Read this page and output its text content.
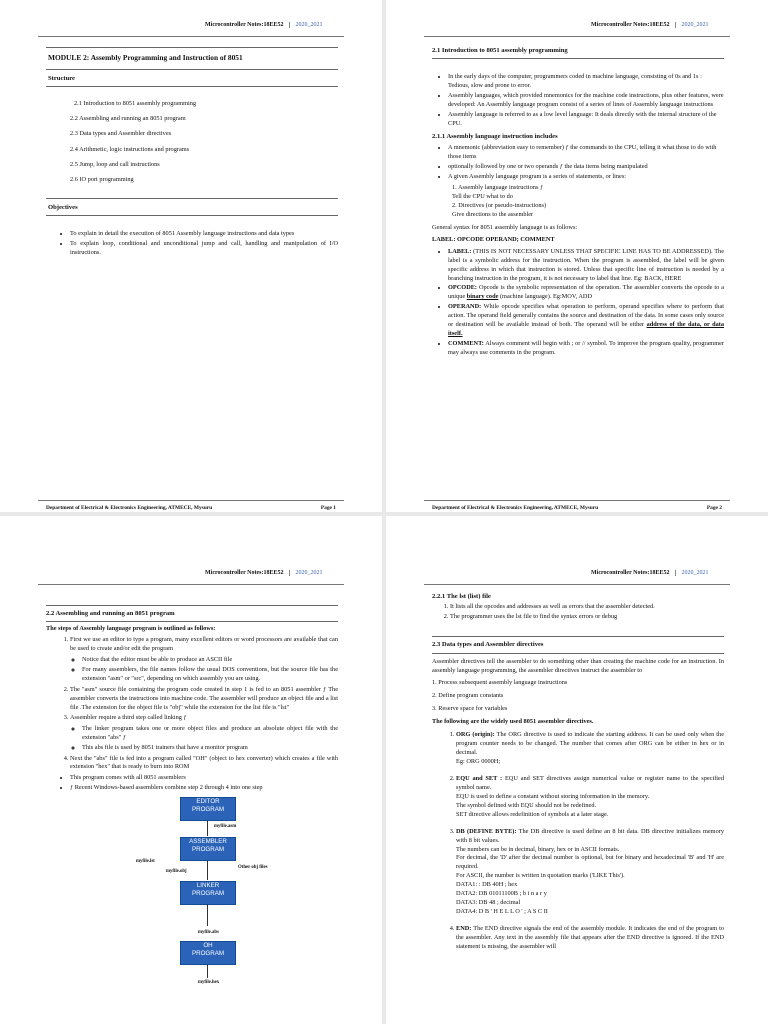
Microcontroller Notes:18EE52 2020_2021
MODULE 2: Assembly Programming and Instruction of 8051
Structure
2.1 Introduction to 8051 assembly programming
2.2 Assembling and running an 8051 program
2.3 Data types and Assembler directives
2.4 Arithmetic, logic instructions and programs
2.5 Jump, loop and call instructions
2.6 IO port programming
Objectives
• To explain in detail the execution of 8051 Assembly language instructions and data types
• To explain loop, conditional and unconditional jump and call, handling and manipulation of I/O instructions.
Department of Electrical & Electronics Engineering, ATMECE, Mysuru	Page 1
Microcontroller Notes:18EE52 2020_2021
2.1 Introduction to 8051 assembly programming
• In the early days of the computer, programmers coded in machine language, consisting of 0s and 1s : Tedious, slow and prone to error.
• Assembly languages, which provided mnemonics for the machine code instructions, plus other features, were developed: An Assembly language program consist of a series of lines of Assembly language instructions
• Assembly language is referred to as a low level language: It deals directly with the internal structure of the CPU.
2.1.1 Assembly language instruction includes
• A mnemonic (abbreviation easy to remember) ƒ the commands to the CPU, telling it what those to do with those items
• optionally followed by one or two operands ƒ the data items being manipulated
• A given Assembly language program is a series of statements, or lines:
1. Assembly language instructions ƒ
Tell the CPU what to do
2. Directives (or pseudo-instructions)
Give directions to the assembler
General syntax for 8051 assembly language is as follows:
LABEL: OPCODE OPERAND; COMMENT
• LABEL: (THIS IS NOT NECESSARY UNLESS THAT SPECIFIC LINE HAS TO BE ADDRESSED). The label is a symbolic address for the instruction. When the program is assembled, the label will be given specific address in which that instruction is stored. Unless that specific line of instruction is needed by a branching instruction in the program, it is not necessary to label that line. Eg: BACK, HERE
• OPCODE: Opcode is the symbolic representation of the operation. The assembler converts the opcode to a unique binary code (machine language). Eg:MOV, ADD
• OPERAND: While opcode specifies what operation to perform, operand specifies where to perform that action. The operand field generally contains the source and destination of the data. In some cases only source or destination will be available instead of both. The operand will be either address of the data, or data itself.
• COMMENT: Always comment will begin with ; or // symbol. To improve the program quality, programmer may always use comments in the program.
Department of Electrical & Electronics Engineering, ATMECE, Mysuru	Page 2
Microcontroller Notes:18EE52 2020_2021
2.2 Assembling and running an 8051 program
The steps of Assembly language program is outlined as follows:
1. First we use an editor to type a program, many excellent editors or word processors are available that can be used to create and/or edit the program
◦ Notice that the editor must be able to produce an ASCII file
◦ For many assemblers, the file names follow the usual DOS conventions, but the source file has the extension "asm" or "src", depending on which assembly you are using.
2. The "asm" source file containing the program code created in step 1 is fed to an 8051 assembler ƒ The assembler converts the instructions into machine code. The assembler will produce an object file and a list file .The extension for the object file is "obj" while the extension for the list file is "lst"
3. Assembler require a third step called linking ƒ
◦ The linker program takes one or more object files and produce an absolute object file with the extension "abs" ƒ
◦ This abs file is used by 8051 trainers that have a monitor program
4. Next the "abs" file is fed into a program called "OH" (object to hex converter) which creates a file with extension "hex" that is ready to burn into ROM
• This program comes with all 8051 assemblers
• ƒ Recent Windows-based assemblers combine step 2 through 4 into one step
EDITOR
PROGRAM
myfile.asm
ASSEMBLER
PROGRAM
myfile.lst
myfile.obj
Other obj files
LINKER
PROGRAM
myfile.abs
OH
PROGRAM
myfile.hex
Microcontroller Notes:18EE52 2020_2021
2.2.1 The lst (list) file
1. It lists all the opcodes and addresses as well as errors that the assembler detected.
2. The programmer uses the lst file to find the syntax errors or debug
2.3 Data types and Assembler directives
Assembler directives tell the assembler to do something other than creating the machine code for an instruction. In assembly language programming, the assembler directives instruct the assembler to
1. Process subsequent assembly language instructions
2. Define program constants
3. Reserve space for variables
The following are the widely used 8051 assembler directives.
1. ORG (origin): The ORG directive is used to indicate the starting address. It can be used only when the program counter needs to be changed. The number that comes after ORG can be either in hex or in decimal.
Eg: ORG 0000H;
2. EQU and SET : EQU and SET directives assign numerical value or register name to the specified symbol name.
EQU is used to define a constant without storing information in the memory.
The symbol defined with EQU should not be redefined.
SET directive allows redefinition of symbols at a later stage.
3. DB (DEFINE BYTE): The DB directive is used define an 8 bit data. DB directive initializes memory with 8 bit values.
The numbers can be in decimal, binary, hex or in ASCII formats.
For decimal, the 'D' after the decimal number is optional, but for binary and hexadecimal 'B' and 'H' are required.
For ASCII, the number is written in quotation marks ('LIKE This').
DATA1: : DB 40H ; hex
DATA2: DB 01011100B ; b i n a r y
DATA3: DB 48 ; decimal
DATA4: D B ' H E L L O ' ; A S C II
4. END: The END directive signals the end of the assembly module. It indicates the end of the program to the assembler. Any text in the assembly file that appears after the END directive is ignored. If the END statement is missing, the assembler will
